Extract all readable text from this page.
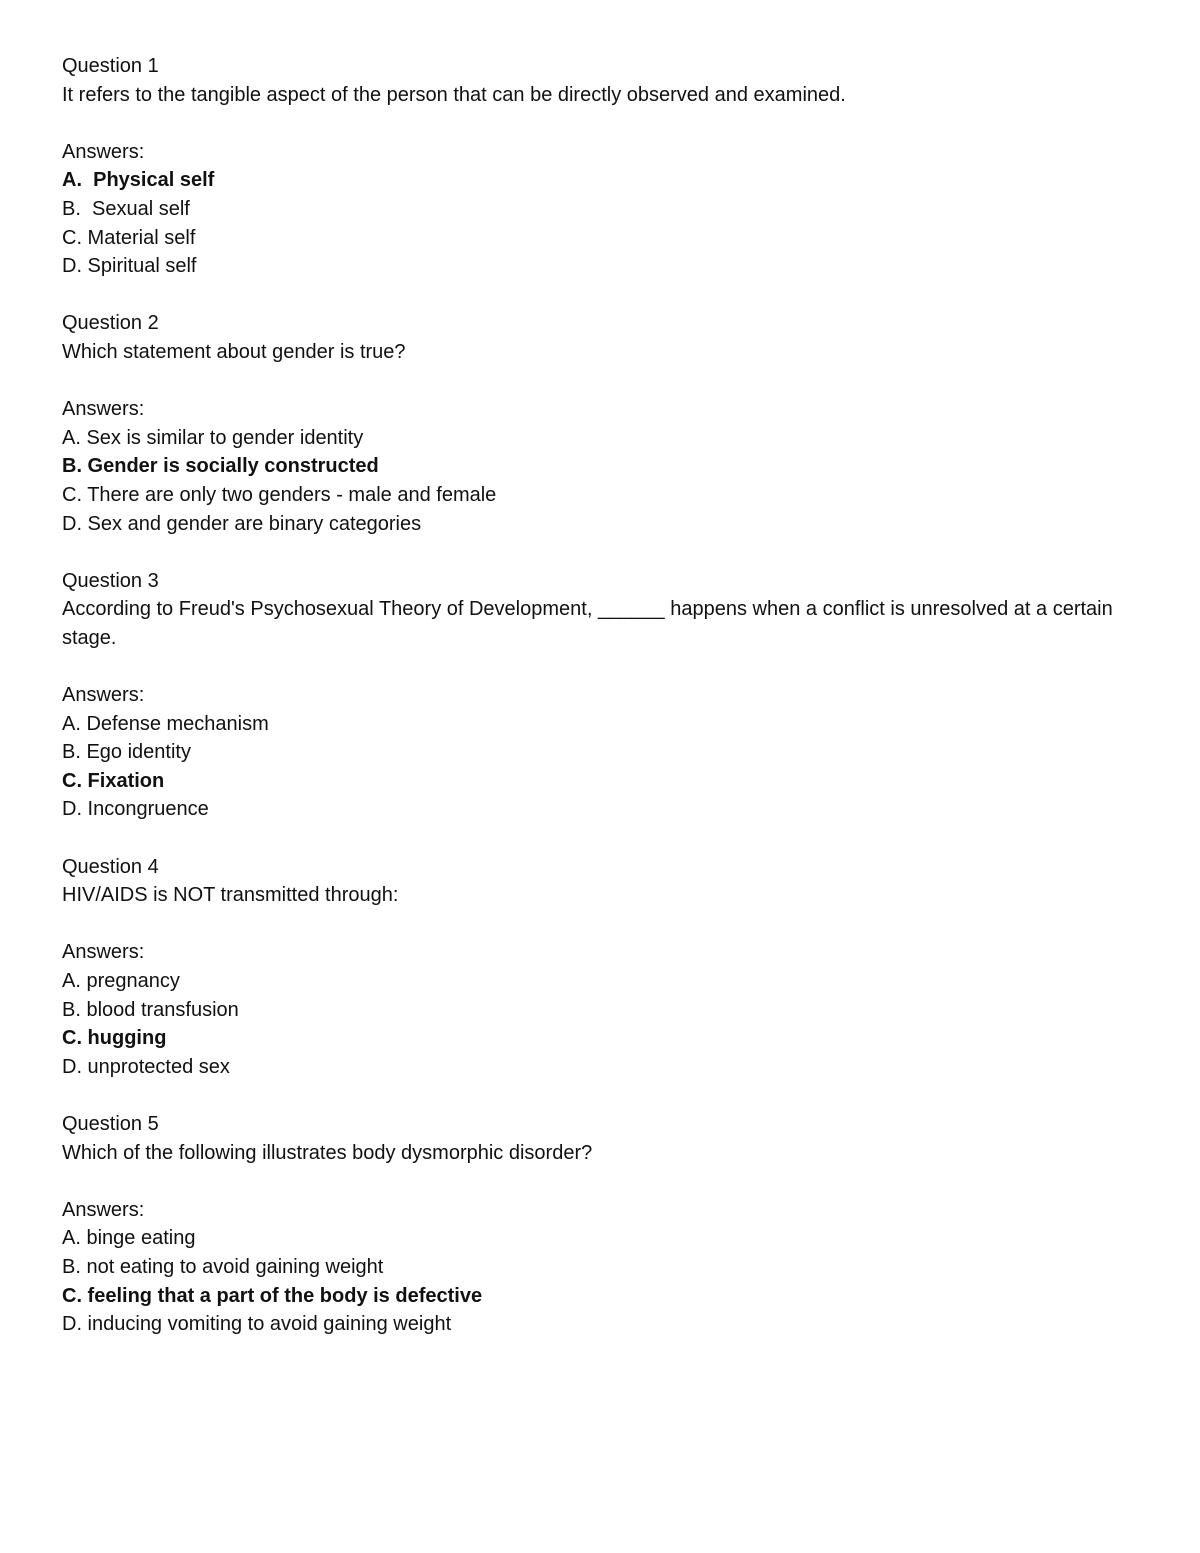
Question 1
It refers to the tangible aspect of the person that can be directly observed and examined.
Answers:
A.  Physical self
B.  Sexual self
C. Material self
D. Spiritual self
Question 2
Which statement about gender is true?
Answers:
A. Sex is similar to gender identity
B. Gender is socially constructed
C. There are only two genders - male and female
D. Sex and gender are binary categories
Question 3
According to Freud's Psychosexual Theory of Development, ______ happens when a conflict is unresolved at a certain stage.
Answers:
A. Defense mechanism
B. Ego identity
C. Fixation
D. Incongruence
Question 4
HIV/AIDS is NOT transmitted through:
Answers:
A. pregnancy
B. blood transfusion
C. hugging
D. unprotected sex
Question 5
Which of the following illustrates body dysmorphic disorder?
Answers:
A. binge eating
B. not eating to avoid gaining weight
C. feeling that a part of the body is defective
D. inducing vomiting to avoid gaining weight
